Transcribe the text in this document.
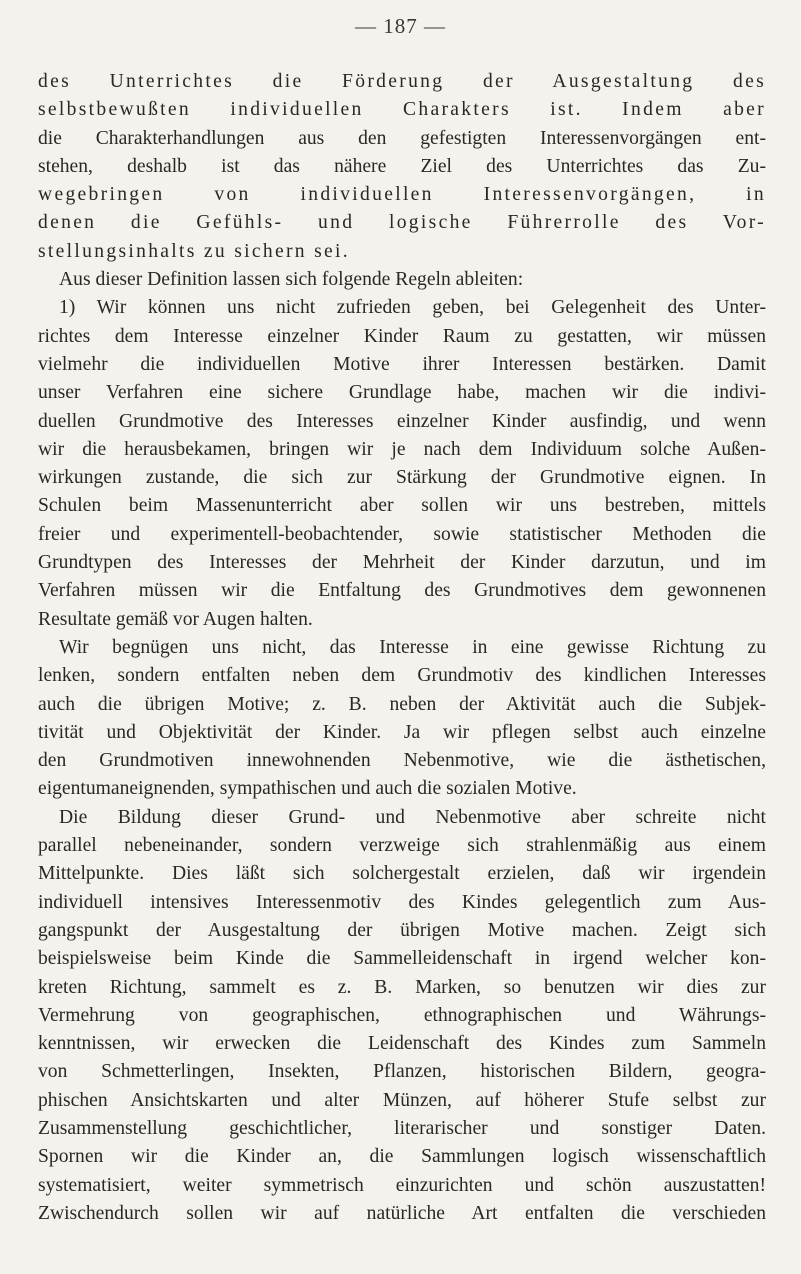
— 187 —
des Unterrichtes die Förderung der Ausgestaltung des
selbstbewußten individuellen Charakters ist. Indem aber
die Charakterhandlungen aus den gefestigten Interessenvorgängen ent-
stehen, deshalb ist das nähere Ziel des Unterrichtes das Zu-
wegebringen von individuellen Interessenvorgängen, in
denen die Gefühls- und logische Führerrolle des Vor-
stellungsinhalts zu sichern sei.
Aus dieser Definition lassen sich folgende Regeln ableiten:
1) Wir können uns nicht zufrieden geben, bei Gelegenheit des Unter-
richtes dem Interesse einzelner Kinder Raum zu gestatten, wir müssen
vielmehr die individuellen Motive ihrer Interessen bestärken. Damit
unser Verfahren eine sichere Grundlage habe, machen wir die indivi-
duellen Grundmotive des Interesses einzelner Kinder ausfindig, und wenn
wir die herausbekamen, bringen wir je nach dem Individuum solche Außen-
wirkungen zustande, die sich zur Stärkung der Grundmotive eignen. In
Schulen beim Massenunterricht aber sollen wir uns bestreben, mittels
freier und experimentell-beobachtender, sowie statistischer Methoden die
Grundtypen des Interesses der Mehrheit der Kinder darzutun, und im
Verfahren müssen wir die Entfaltung des Grundmotives dem gewonnenen
Resultate gemäß vor Augen halten.
Wir begnügen uns nicht, das Interesse in eine gewisse Richtung zu
lenken, sondern entfalten neben dem Grundmotiv des kindlichen Interesses
auch die übrigen Motive; z. B. neben der Aktivität auch die Subjek-
tivität und Objektivität der Kinder. Ja wir pflegen selbst auch einzelne
den Grundmotiven innewohnenden Nebenmotive, wie die ästhetischen,
eigentumaneignenden, sympathischen und auch die sozialen Motive.
Die Bildung dieser Grund- und Nebenmotive aber schreite nicht
parallel nebeneinander, sondern verzweige sich strahlenmäßig aus einem
Mittelpunkte. Dies läßt sich solchergestalt erzielen, daß wir irgendein
individuell intensives Interessenmotiv des Kindes gelegentlich zum Aus-
gangspunkt der Ausgestaltung der übrigen Motive machen. Zeigt sich
beispielsweise beim Kinde die Sammelleidenschaft in irgend welcher kon-
kreten Richtung, sammelt es z. B. Marken, so benutzen wir dies zur
Vermehrung von geographischen, ethnographischen und Währungs-
kenntnissen, wir erwecken die Leidenschaft des Kindes zum Sammeln
von Schmetterlingen, Insekten, Pflanzen, historischen Bildern, geogra-
phischen Ansichtskarten und alter Münzen, auf höherer Stufe selbst zur
Zusammenstellung geschichtlicher, literarischer und sonstiger Daten.
Spornen wir die Kinder an, die Sammlungen logisch wissenschaftlich
systematisiert, weiter symmetrisch einzurichten und schön auszustatten!
Zwischendurch sollen wir auf natürliche Art entfalten die verschieden
